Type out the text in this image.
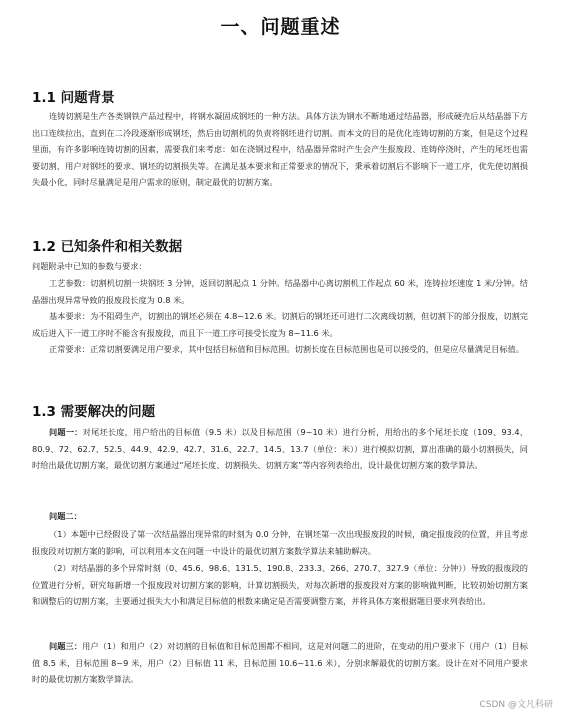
一、问题重述
1.1 问题背景
连铸切割是生产各类钢铁产品过程中，将钢水凝固成钢坯的一种方法。具体方法为钢水不断地通过结晶器，形成硬壳后从结晶器下方出口连续拉出，直到在二冷段逐渐形成钢坯，然后由切割机的负责将钢坯进行切割。而本文的目的是优化连铸切割的方案，但是这个过程里面，有许多影响连铸切割的因素，需要我们来考虑：如在浇钢过程中，结晶器异常时产生会产生报废段、连铸停浇时，产生的尾坯也需要切割、用户对钢坯的要求、钢坯的切割损失等。在满足基本要求和正常要求的情况下，秉承着切割后不影响下一道工序，优先使切割损失最小化，同时尽量满足是用户需求的原则，制定最优的切割方案。
1.2 已知条件和相关数据
问题附录中已知的参数与要求：
工艺参数：切割机切割一块钢坯 3 分钟，返回切割起点 1 分钟。结晶器中心离切割机工作起点 60 米，连铸拉坯速度 1 米/分钟。结晶器出现异常导致的报废段长度为 0.8 米。
基本要求：为不阻碍生产，切割出的钢坯必须在 4.8~12.6 米。切割后的钢坯还可进行二次离线切割，但切割下的部分报废，切割完成后进入下一道工序时不能含有报废段，而且下一道工序可接受长度为 8~11.6 米。
正常要求：正常切割要满足用户要求，其中包括目标值和目标范围。切割长度在目标范围也是可以接受的，但是应尽量满足目标值。
1.3 需要解决的问题
问题一：对尾坯长度，用户给出的目标值（9.5 米）以及目标范围（9~10 米）进行分析，用给出的多个尾坯长度（109、93.4、80.9、72、62.7、52.5、44.9、42.9、42.7、31.6、22.7、14.5、13.7（单位：米））进行模拟切割，算出准确的最小切割损失，同时给出最优切割方案，最优切割方案通过“尾坯长度、切割损失、切割方案”等内容列表给出，设计最优切割方案的数学算法。
问题二：
（1）本题中已经假设了第一次结晶器出现异常的时刻为 0.0 分钟，在钢坯第一次出现报废段的时候，确定报废段的位置，并且考虑报废段对切割方案的影响，可以利用本文在问题一中设计的最优切割方案数学算法来辅助解决。
（2）对结晶器的多个异常时刻（0、45.6、98.6、131.5、190.8、233.3、266、270.7、327.9（单位：分钟））导致的报废段的位置进行分析，研究每新增一个报废段对切割方案的影响，计算切割损失，对每次新增的报废段对方案的影响做判断，比较初始切割方案和调整后的切割方案，主要通过损失大小和满足目标值的根数来确定是否需要调整方案，并将具体方案根据题目要求列表给出。
问题三：用户（1）和用户（2）对切割的目标值和目标范围都不相同，这是对问题二的进阶，在变动的用户要求下（用户（1）目标值 8.5 米，目标范围 8~9 米，用户（2）目标值 11 米，目标范围 10.6~11.6 米），分别求解最优的切割方案。设计在对不同用户要求时的最优切割方案数学算法。
CSDN @文凡科研
